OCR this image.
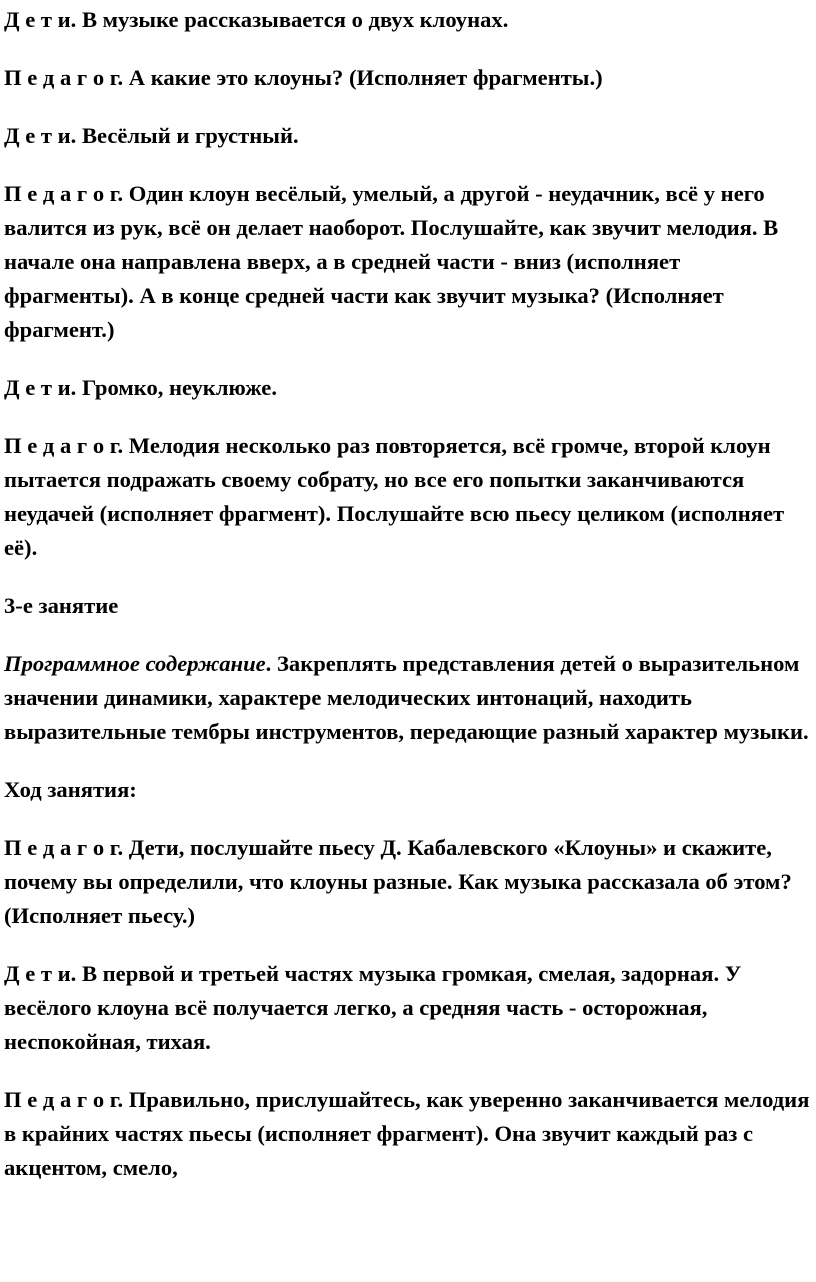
Д е т и. В музыке рассказывается о двух клоунах.

П е д а г о г. А какие это клоуны? (Исполняет фрагменты.)

Д е т и. Весёлый и грустный.

П е д а г о г. Один клоун весёлый, умелый, а другой - неудачник, всё у него валится из рук, всё он делает наоборот. Послушайте, как звучит мелодия. В начале она направлена вверх, а в средней части - вниз (исполняет фрагменты). А в конце средней части как звучит музыка? (Исполняет фрагмент.)

Д е т и. Громко, неуклюже.

П е д а г о г. Мелодия несколько раз повторяется, всё громче, второй клоун пытается подражать своему собрату, но все его попытки заканчиваются неудачей (исполняет фрагмент). Послушайте всю пьесу целиком (исполняет её).

3-е занятие

Программное содержание. Закреплять представления детей о выразительном значении динамики, характере мелодических интонаций, находить выразительные тембры инструментов, передающие разный характер музыки.

Ход занятия:

П е д а г о г. Дети, послушайте пьесу Д. Кабалевского «Клоуны» и скажите, почему вы определили, что клоуны разные. Как музыка рассказала об этом? (Исполняет пьесу.)

Д е т и. В первой и третьей частях музыка громкая, смелая, задорная. У весёлого клоуна всё получается легко, а средняя часть - осторожная, неспокойная, тихая.

П е д а г о г. Правильно, прислушайтесь, как уверенно заканчивается мелодия в крайних частях пьесы (исполняет фрагмент). Она звучит каждый раз с акцентом, смело,
